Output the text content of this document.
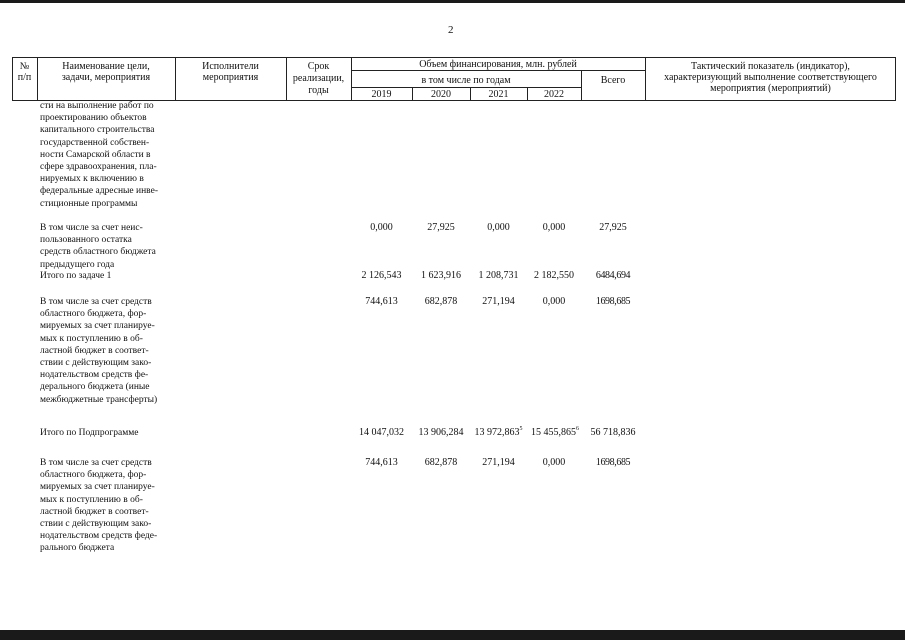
2
№
п/п
Наименование цели,
задачи, мероприятия
Исполнители
мероприятия
Срок
реализации,
годы
Объем финансирования, млн. рублей
в том числе по годам	Всего
Тактический показатель (индикатор),
характеризующий выполнение соответствующего
мероприятия (мероприятий)
2019	2020	2021	2022
сти на выполнение работ по
проектированию объектов
капитального строительства
государственной собствен-
ности Самарской области в
сфере здравоохранения, пла-
нируемых к включению в
федеральные адресные инве-
стиционные программы
В том числе за счет неис-
пользованного остатка
средств областного бюджета
предыдущего года
0,000	27,925	0,000	0,000	27,925
Итого по задаче 1	2 126,543	1 623,916	1 208,731	2 182,550	6484,694
В том числе за счет средств
областного бюджета, фор-
мируемых за счет планируе-
мых к поступлению в об-
ластной бюджет в соответ-
ствии с действующим зако-
нодательством средств фе-
дерального бюджета (иные
межбюджетные трансферты)
744,613	682,878	271,194	0,000	1698,685
Итого по Подпрограмме	14 047,032	13 906,284	13 972,863$^5$ 15 455,865$^6$	56 718,836
В том числе за счет средств
областного бюджета, фор-
мируемых за счет планируе-
мых к поступлению в об-
ластной бюджет в соответ-
ствии с действующим зако-
нодательством средств феде-
рального бюджета
744,613	682,878	271,194	0,000	1698,685
